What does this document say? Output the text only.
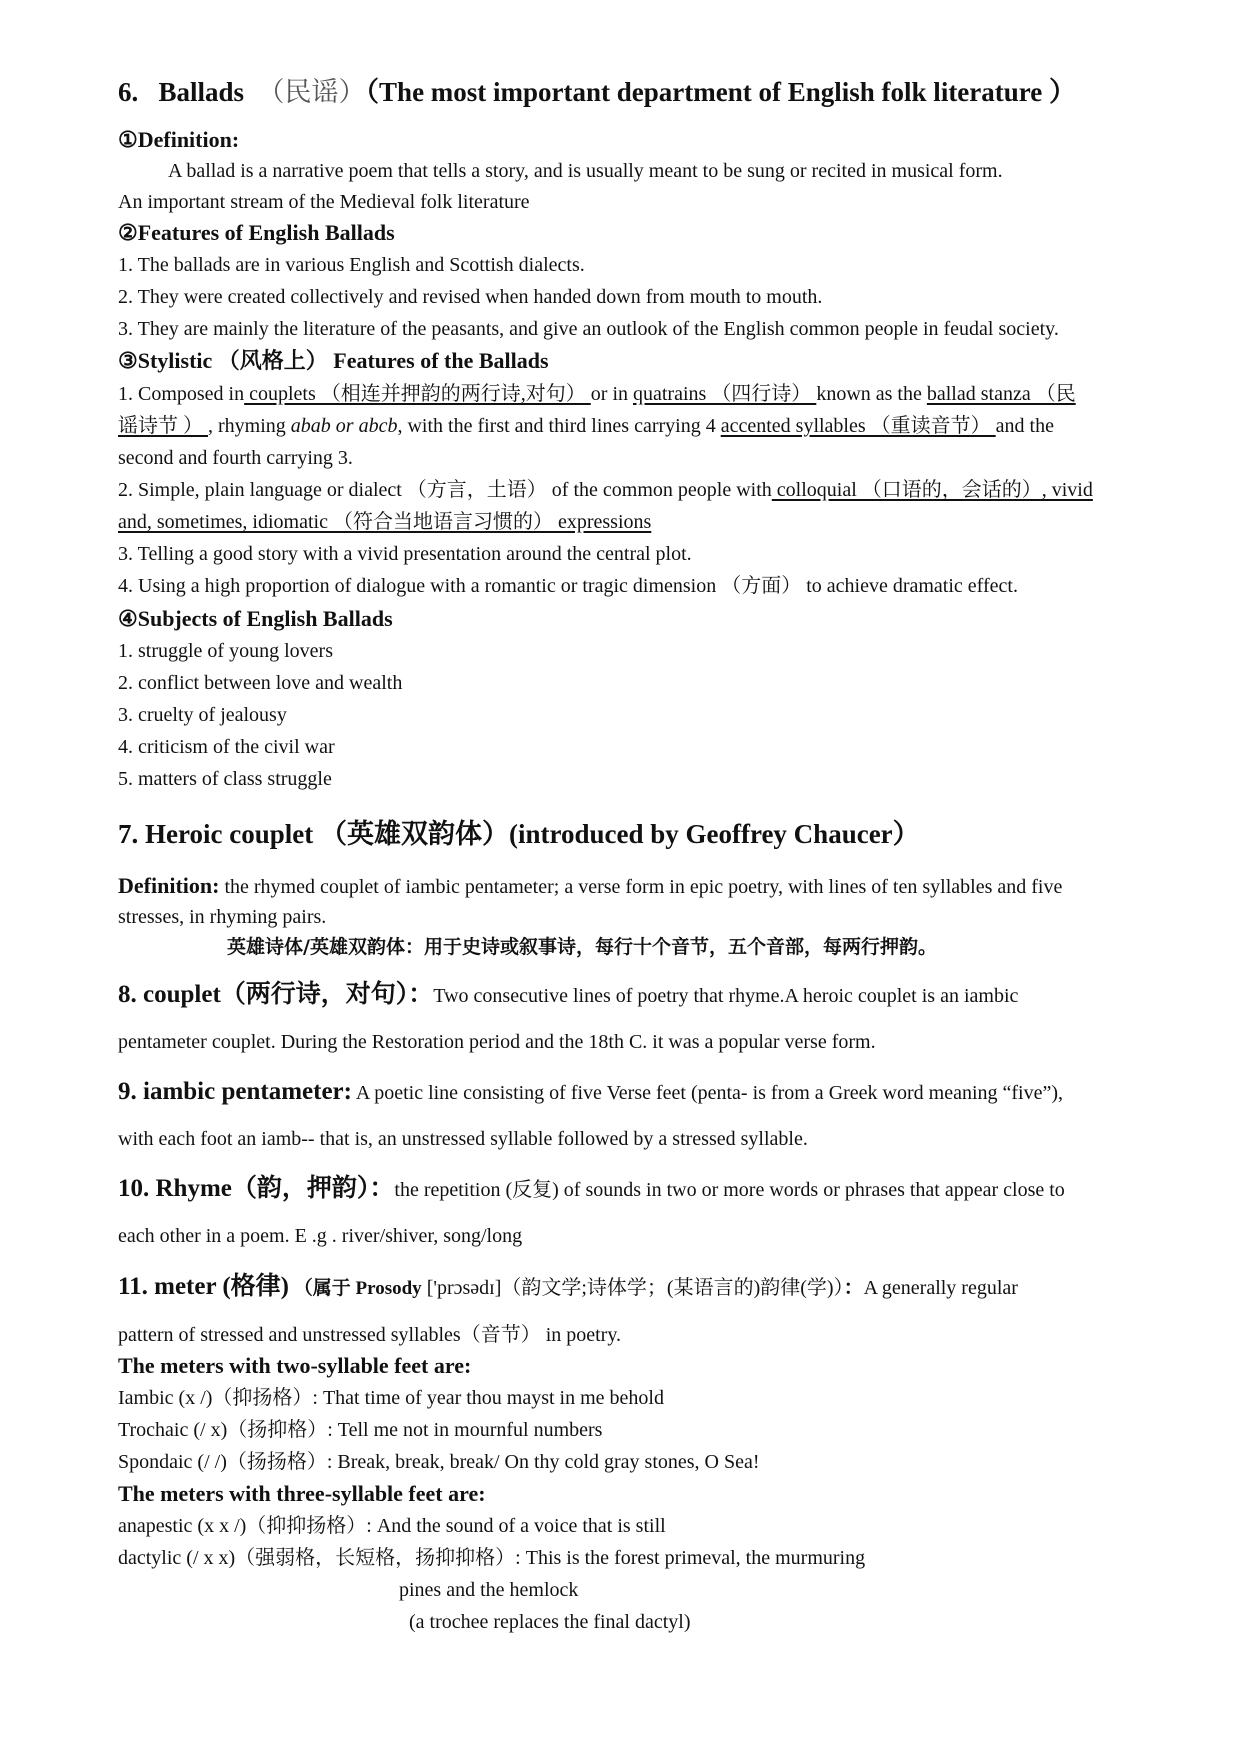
6. Ballads （民谣）（The most important department of English folk literature ）
①Definition:
A ballad is a narrative poem that tells a story, and is usually meant to be sung or recited in musical form.
An important stream of the Medieval folk literature
②Features of English Ballads
1. The ballads are in various English and Scottish dialects.
2. They were created collectively and revised when handed down from mouth to mouth.
3. They are mainly the literature of the peasants, and give an outlook of the English common people in feudal society.
③Stylistic （风格上） Features of the Ballads
1. Composed in couplets （相连并押韵的两行诗,对句） or in quatrains （四行诗） known as the ballad stanza （民
谣诗节 ） , rhyming abab or abcb, with the first and third lines carrying 4 accented syllables （重读音节） and the
second and fourth carrying 3.
2. Simple, plain language or dialect （方言，土语） of the common people with colloquial （口语的，会话的）, vivid
and, sometimes, idiomatic （符合当地语言习惯的） expressions
3. Telling a good story with a vivid presentation around the central plot.
4. Using a high proportion of dialogue with a romantic or tragic dimension （方面） to achieve dramatic effect.
④Subjects of English Ballads
1. struggle of young lovers
2. conflict between love and wealth
3. cruelty of jealousy
4. criticism of the civil war
5. matters of class struggle
7. Heroic couplet （英雄双韵体）(introduced by Geoffrey Chaucer）
Definition: the rhymed couplet of iambic pentameter; a verse form in epic poetry, with lines of ten syllables and five
stresses, in rhyming pairs.
英雄诗体/英雄双韵体：用于史诗或叙事诗，每行十个音节，五个音部，每两行押韵。
8. couplet（两行诗，对句）：Two consecutive lines of poetry that rhyme.A heroic couplet is an iambic
pentameter couplet. During the Restoration period and the 18th C. it was a popular verse form.
9. iambic pentameter: A poetic line consisting of five Verse feet (penta- is from a Greek word meaning “five”),
with each foot an iamb-- that is, an unstressed syllable followed by a stressed syllable.
10. Rhyme（韵，押韵）：the repetition (反复) of sounds in two or more words or phrases that appear close to
each other in a poem. E .g . river/shiver, song/long
11. meter (格律) （属于 Prosody ['prɔsədɪ]（韵文学;诗体学；(某语言的)韵律(学)）：A generally regular
pattern of stressed and unstressed syllables（音节） in poetry.
The meters with two-syllable feet are:
Iambic (x /)（抑扬格）: That time of year thou mayst in me behold
Trochaic (/ x)（扬抑格）: Tell me not in mournful numbers
Spondaic (/ /)（扬扬格）: Break, break, break/ On thy cold gray stones, O Sea!
The meters with three-syllable feet are:
anapestic (x x /)（抑抑扬格）: And the sound of a voice that is still
dactylic (/ x x)（强弱格，长短格，扬抑抑格）: This is the forest primeval, the murmuring
pines and the hemlock
(a trochee replaces the final dactyl)
